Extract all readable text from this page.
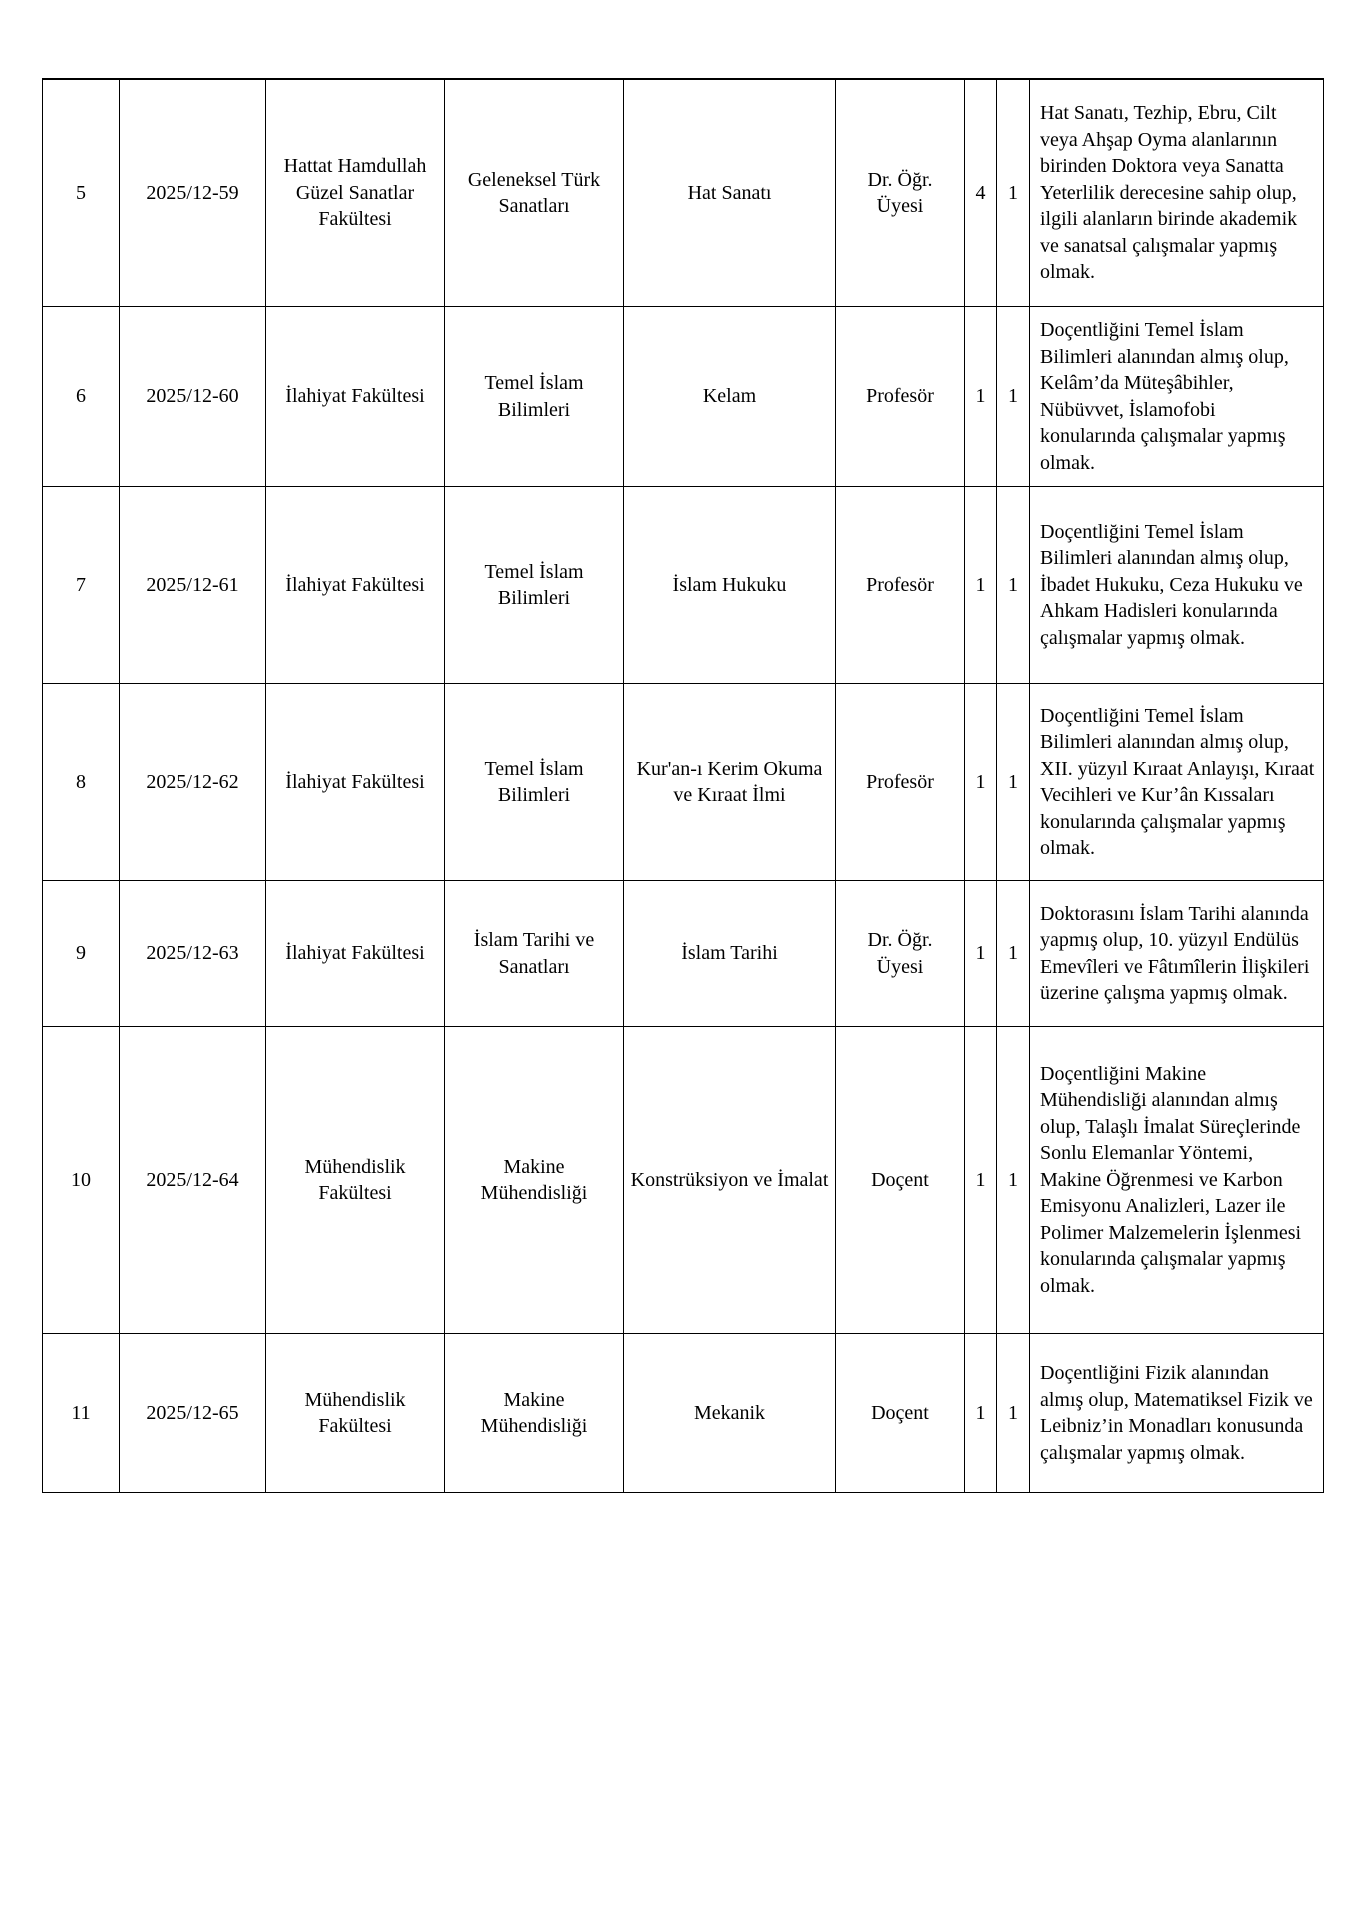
5	2025/12-59	Hattat Hamdullah Güzel Sanatlar Fakültesi	Geleneksel Türk Sanatları	Hat Sanatı	Dr. Öğr. Üyesi	4	1	Hat Sanatı, Tezhip, Ebru, Cilt veya Ahşap Oyma alanlarının birinden Doktora veya Sanatta Yeterlilik derecesine sahip olup, ilgili alanların birinde akademik ve sanatsal çalışmalar yapmış olmak.
6	2025/12-60	İlahiyat Fakültesi	Temel İslam Bilimleri	Kelam	Profesör	1	1	Doçentliğini Temel İslam Bilimleri alanından almış olup, Kelâm’da Müteşâbihler, Nübüvvet, İslamofobi konularında çalışmalar yapmış olmak.
7	2025/12-61	İlahiyat Fakültesi	Temel İslam Bilimleri	İslam Hukuku	Profesör	1	1	Doçentliğini Temel İslam Bilimleri alanından almış olup, İbadet Hukuku, Ceza Hukuku ve Ahkam Hadisleri konularında çalışmalar yapmış olmak.
8	2025/12-62	İlahiyat Fakültesi	Temel İslam Bilimleri	Kur'an-ı Kerim Okuma ve Kıraat İlmi	Profesör	1	1	Doçentliğini Temel İslam Bilimleri alanından almış olup, XII. yüzyıl Kıraat Anlayışı, Kıraat Vecihleri ve Kur’ân Kıssaları konularında çalışmalar yapmış olmak.
9	2025/12-63	İlahiyat Fakültesi	İslam Tarihi ve Sanatları	İslam Tarihi	Dr. Öğr. Üyesi	1	1	Doktorasını İslam Tarihi alanında yapmış olup, 10. yüzyıl Endülüs Emevîleri ve Fâtımîlerin İlişkileri üzerine çalışma yapmış olmak.
10	2025/12-64	Mühendislik Fakültesi	Makine Mühendisliği	Konstrüksiyon ve İmalat	Doçent	1	1	Doçentliğini Makine Mühendisliği alanından almış olup, Talaşlı İmalat Süreçlerinde Sonlu Elemanlar Yöntemi, Makine Öğrenmesi ve Karbon Emisyonu Analizleri, Lazer ile Polimer Malzemelerin İşlenmesi konularında çalışmalar yapmış olmak.
11	2025/12-65	Mühendislik Fakültesi	Makine Mühendisliği	Mekanik	Doçent	1	1	Doçentliğini Fizik alanından almış olup, Matematiksel Fizik ve Leibniz’in Monadları konusunda çalışmalar yapmış olmak.
